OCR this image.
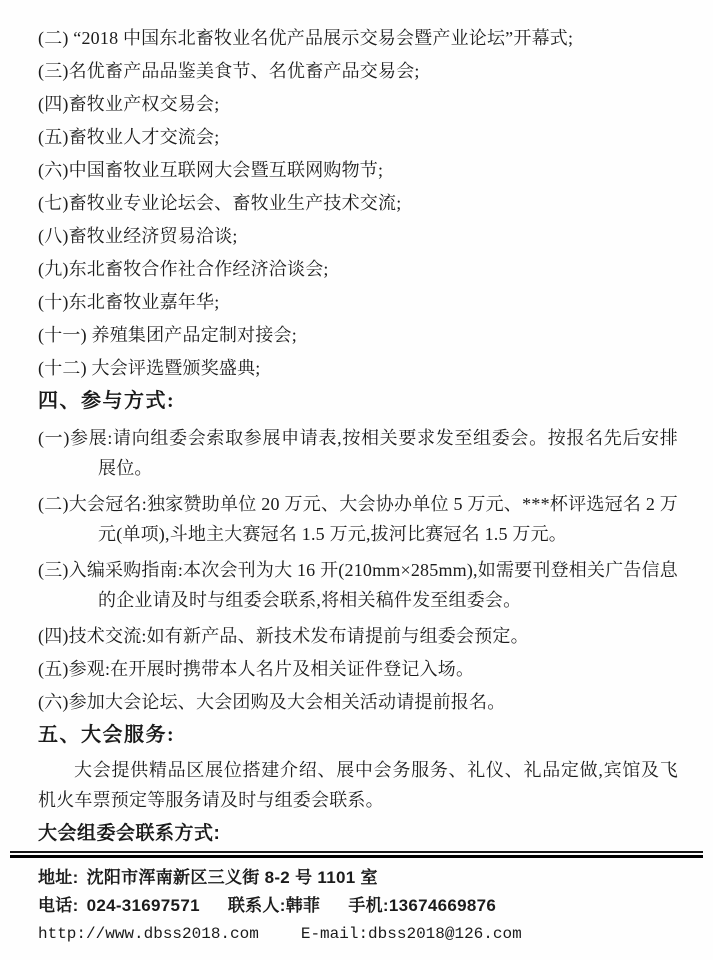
(二) “2018 中国东北畜牧业名优产品展示交易会暨产业论坛”开幕式;
(三)名优畜产品品鉴美食节、名优畜产品交易会;
(四)畜牧业产权交易会;
(五)畜牧业人才交流会;
(六)中国畜牧业互联网大会暨互联网购物节;
(七)畜牧业专业论坛会、畜牧业生产技术交流;
(八)畜牧业经济贸易洽谈;
(九)东北畜牧合作社合作经济洽谈会;
(十)东北畜牧业嘉年华;
(十一) 养殖集团产品定制对接会;
(十二) 大会评选暨颁奖盛典;
四、参与方式:
(一)参展:请向组委会索取参展申请表,按相关要求发至组委会。按报名先后安排展位。
(二)大会冠名:独家赞助单位 20 万元、大会协办单位 5 万元、***杯评选冠名 2 万元(单项),斗地主大赛冠名 1.5 万元,拔河比赛冠名 1.5 万元。
(三)入编采购指南:本次会刊为大 16 开(210mm×285mm),如需要刊登相关广告信息的企业请及时与组委会联系,将相关稿件发至组委会。
(四)技术交流:如有新产品、新技术发布请提前与组委会预定。
(五)参观:在开展时携带本人名片及相关证件登记入场。
(六)参加大会论坛、大会团购及大会相关活动请提前报名。
五、大会服务:
大会提供精品区展位搭建介绍、展中会务服务、礼仪、礼品定做,宾馆及飞机火车票预定等服务请及时与组委会联系。
大会组委会联系方式:
地址: 沈阳市浑南新区三义街 8-2 号 1101 室
电话: 024-31697571 联系人:韩菲 手机:13674669876
http://www.dbss2018.com	E-mail:dbss2018@126.com
